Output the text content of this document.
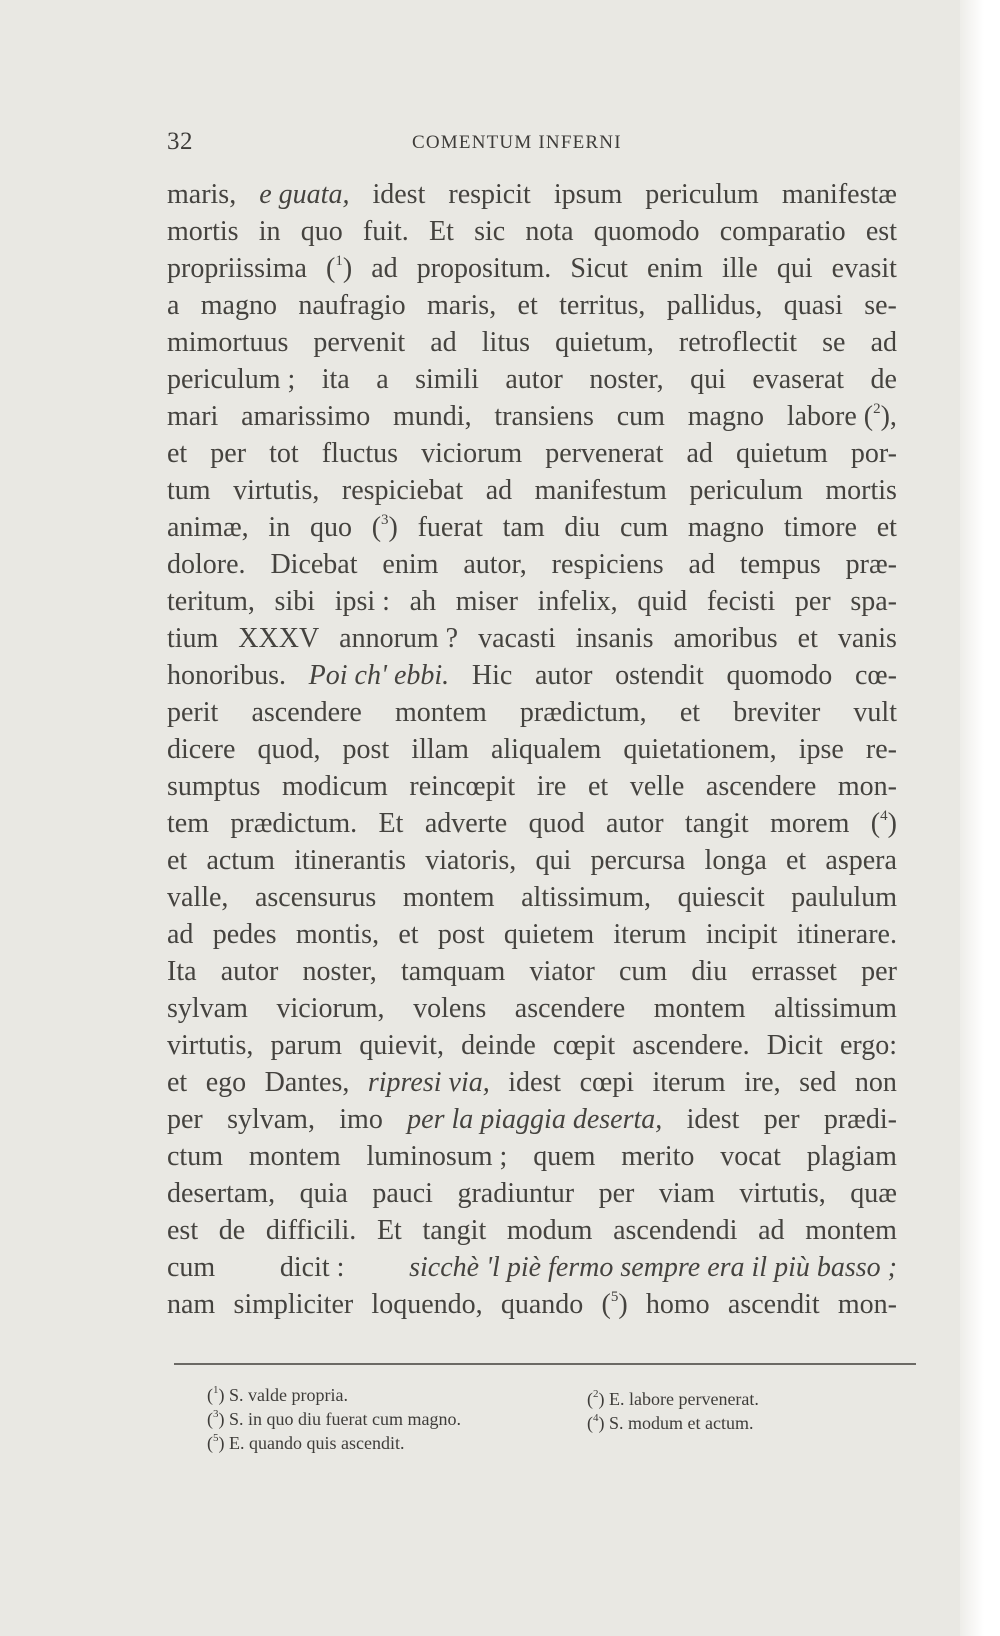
32	COMENTUM INFERNI
maris, e guata, idest respicit ipsum periculum manifestæ
mortis in quo fuit. Et sic nota quomodo comparatio est
propriissima ($^1$) ad propositum. Sicut enim ille qui evasit
a magno naufragio maris, et territus, pallidus, quasi se-
mimortuus pervenit ad litus quietum, retroflectit se ad
periculum ; ita a simili autor noster, qui evaserat de
mari amarissimo mundi, transiens cum magno labore ($^2$),
et per tot fluctus viciorum pervenerat ad quietum por-
tum virtutis, respiciebat ad manifestum periculum mortis
animæ, in quo ($^3$) fuerat tam diu cum magno timore et
dolore. Dicebat enim autor, respiciens ad tempus præ-
teritum, sibi ipsi : ah miser infelix, quid fecisti per spa-
tium XXXV annorum ? vacasti insanis amoribus et vanis
honoribus. Poi ch' ebbi. Hic autor ostendit quomodo cœ-
perit ascendere montem prædictum, et breviter vult
dicere quod, post illam aliqualem quietationem, ipse re-
sumptus modicum reincœpit ire et velle ascendere mon-
tem prædictum. Et adverte quod autor tangit morem ($^4$)
et actum itinerantis viatoris, qui percursa longa et aspera
valle, ascensurus montem altissimum, quiescit paululum
ad pedes montis, et post quietem iterum incipit itinerare.
Ita autor noster, tamquam viator cum diu errasset per
sylvam viciorum, volens ascendere montem altissimum
virtutis, parum quievit, deinde cœpit ascendere. Dicit ergo:
et ego Dantes, ripresi via, idest cœpi iterum ire, sed non
per sylvam, imo per la piaggia deserta, idest per prædi-
ctum montem luminosum ; quem merito vocat plagiam
desertam, quia pauci gradiuntur per viam virtutis, quæ
est de difficili. Et tangit modum ascendendi ad montem
cum dicit : sicchè 'l piè fermo sempre era il più basso ;
nam simpliciter loquendo, quando ($^5$) homo ascendit mon-
($^1$) S. valde propria.	($^2$) E. labore pervenerat.
($^3$) S. in quo diu fuerat cum magno.	($^4$) S. modum et actum.
($^5$) E. quando quis ascendit.
